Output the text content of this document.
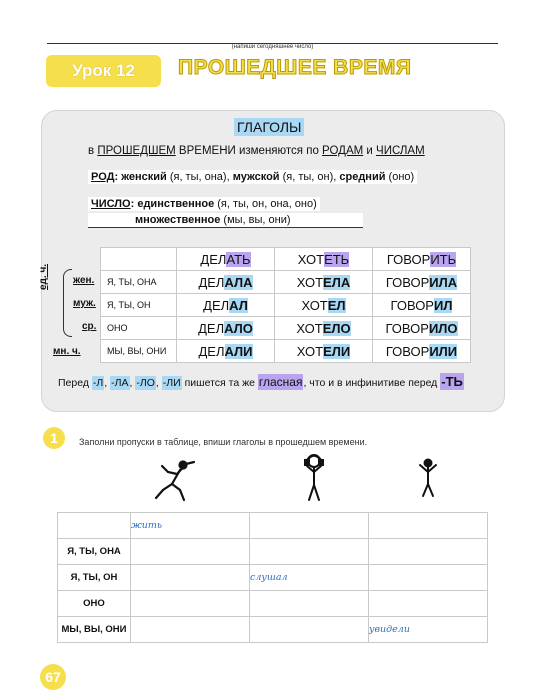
(напиши сегодняшнее число)
Урок 12	ПРОШЕДШЕЕ ВРЕМЯ
ГЛАГОЛЫ
в ПРОШЕДШЕМ ВРЕМЕНИ изменяются по РОДАМ и ЧИСЛАМ
РОД: женский (я, ты, она), мужской (я, ты, он), средний (оно)
ЧИСЛО: единственное (я, ты, он, она, оно)
множественное (мы, вы, они)
ед. ч. жен.
муж.
ср.
мн. ч.
	ДЕЛАТЬ	ХОТЕТЬ	ГОВОРИТЬ
Я, ТЫ, ОНА	ДЕЛАЛА	ХОТЕЛА	ГОВОРИЛА
Я, ТЫ, ОН	ДЕЛАЛ	ХОТЕЛ	ГОВОРИЛ
ОНО	ДЕЛАЛО	ХОТЕЛО	ГОВОРИЛО
МЫ, ВЫ, ОНИ	ДЕЛАЛИ	ХОТЕЛИ	ГОВОРИЛИ
Перед -Л, -ЛА, -ЛО, -ЛИ пишется та же гласная, что и в инфинитиве перед -ТЬ
1	Заполни пропуски в таблице, впиши глаголы в прошедшем времени.
	жить		
Я, ТЫ, ОНА			
Я, ТЫ, ОН		слушал	
ОНО			
МЫ, ВЫ, ОНИ			увидели
67
